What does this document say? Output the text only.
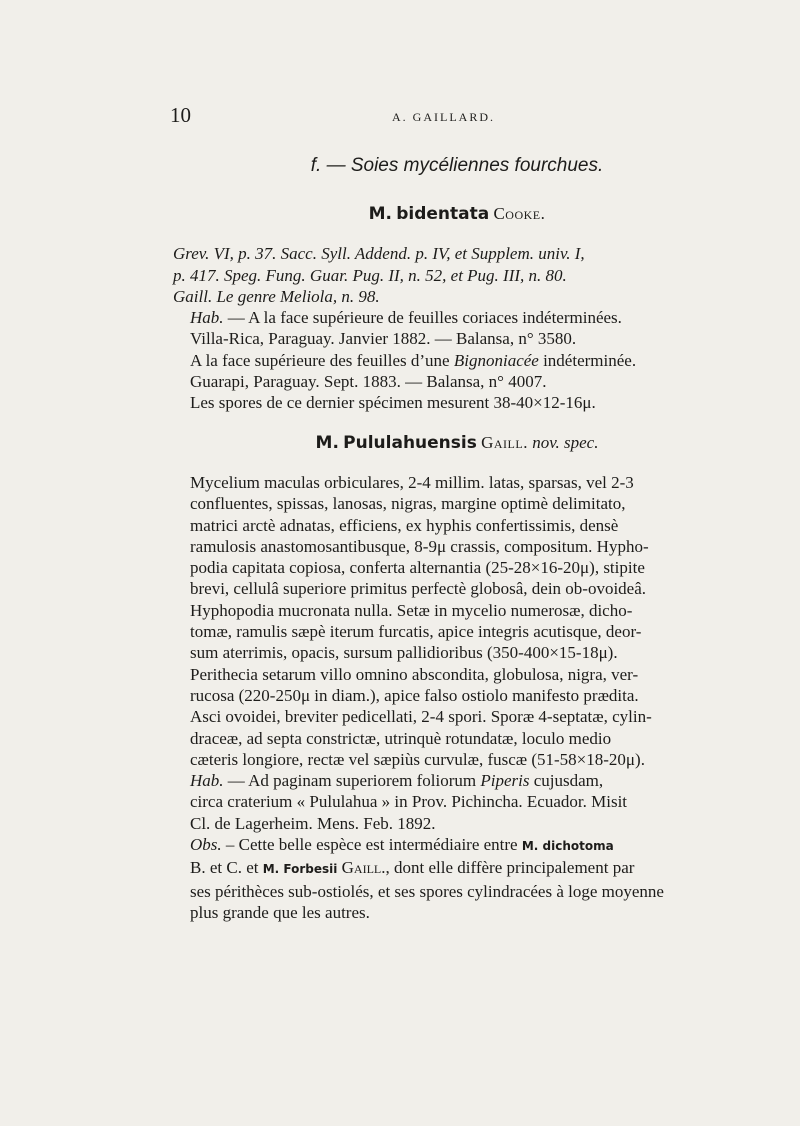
10	A. GAILLARD.
f. — Soies mycéliennes fourchues.
M. bidentata Cooke.

Grev. VI, p. 37. Sacc. Syll. Addend. p. IV, et Supplem. univ. I,
p. 417. Speg. Fung. Guar. Pug. II, n. 52, et Pug. III, n. 80.
Gaill. Le genre Meliola, n. 98.

Hab. — A la face supérieure de feuilles coriaces indéterminées.
Villa-Rica, Paraguay. Janvier 1882. — Balansa, n° 3580.

A la face supérieure des feuilles d’une Bignoniacée indéterminée.
Guarapi, Paraguay. Sept. 1883. — Balansa, n° 4007.

Les spores de ce dernier spécimen mesurent 38-40×12-16μ.

M. Pululahuensis Gaill. nov. spec.

Mycelium maculas orbiculares, 2-4 millim. latas, sparsas, vel 2-3
confluentes, spissas, lanosas, nigras, margine optimè delimitato,
matrici arctè adnatas, efficiens, ex hyphis confertissimis, densè
ramulosis anastomosantibusque, 8-9μ crassis, compositum. Hypho-
podia capitata copiosa, conferta alternantia (25-28×16-20μ), stipite
brevi, cellulâ superiore primitus perfectè globosâ, dein ob-ovoideâ.
Hyphopodia mucronata nulla. Setæ in mycelio numerosæ, dicho-
tomæ, ramulis sæpè iterum furcatis, apice integris acutisque, deor-
sum aterrimis, opacis, sursum pallidioribus (350-400×15-18μ).
Perithecia setarum villo omnino abscondita, globulosa, nigra, ver-
rucosa (220-250μ in diam.), apice falso ostiolo manifesto prædita.
Asci ovoidei, breviter pedicellati, 2-4 spori. Sporæ 4-septatæ, cylin-
draceæ, ad septa constrictæ, utrinquè rotundatæ, loculo medio
cæteris longiore, rectæ vel sæpiùs curvulæ, fuscæ (51-58×18-20μ).

Hab. — Ad paginam superiorem foliorum Piperis cujusdam,
circa craterium « Pululahua » in Prov. Pichincha. Ecuador. Misit
Cl. de Lagerheim. Mens. Feb. 1892.

Obs. – Cette belle espèce est intermédiaire entre M. dichotoma
B. et C. et M. Forbesii Gaill., dont elle diffère principalement par
ses périthèces sub-ostiolés, et ses spores cylindracées à loge moyenne
plus grande que les autres.
